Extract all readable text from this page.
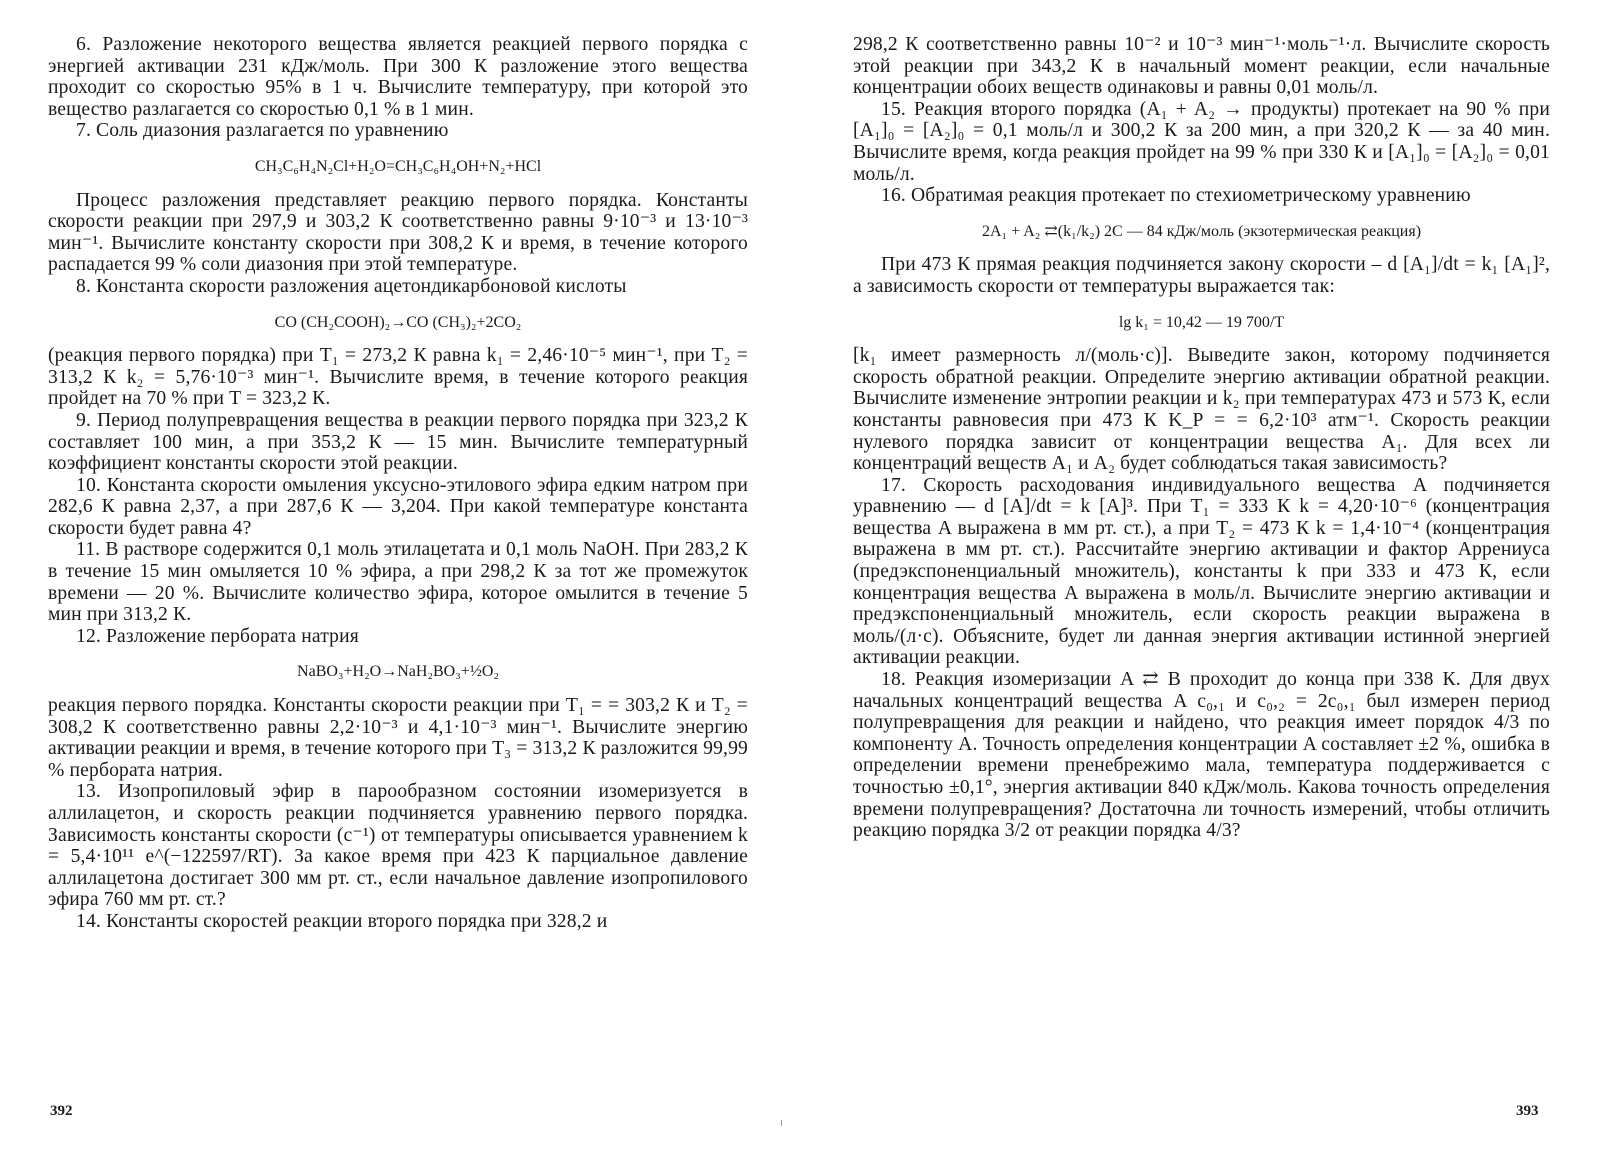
6. Разложение некоторого вещества является реакцией первого порядка с энергией активации 231 кДж/моль. При 300 К разложение этого вещества проходит со скоростью 95% в 1 ч. Вычислите температуру, при которой это вещество разлагается со скоростью 0,1 % в 1 мин.

7. Соль диазония разлагается по уравнению

CH₃C₆H₄N₂Cl+H₂O=CH₃C₆H₄OH+N₂+HCl

Процесс разложения представляет реакцию первого порядка. Константы скорости реакции при 297,9 и 303,2 К соответственно равны 9·10⁻³ и 13·10⁻³ мин⁻¹. Вычислите константу скорости при 308,2 К и время, в течение которого распадается 99 % соли диазония при этой температуре.

8. Константа скорости разложения ацетондикарбоновой кислоты

CO (CH₂COOH)₂→CO (CH₃)₂+2CO₂

(реакция первого порядка) при T₁ = 273,2 К равна k₁ = 2,46·10⁻⁵ мин⁻¹, при T₂ = 313,2 К k₂ = 5,76·10⁻³ мин⁻¹. Вычислите время, в течение которого реакция пройдет на 70 % при T = 323,2 К.

9. Период полупревращения вещества в реакции первого порядка при 323,2 К составляет 100 мин, а при 353,2 К — 15 мин. Вычислите температурный коэффициент константы скорости этой реакции.

10. Константа скорости омыления уксусно-этилового эфира едким натром при 282,6 К равна 2,37, а при 287,6 К — 3,204. При какой температуре константа скорости будет равна 4?

11. В растворе содержится 0,1 моль этилацетата и 0,1 моль NaOH. При 283,2 К в течение 15 мин омыляется 10 % эфира, а при 298,2 К за тот же промежуток времени — 20 %. Вычислите количество эфира, которое омылится в течение 5 мин при 313,2 К.

12. Разложение пербората натрия

NaBO₃+H₂O→NaH₂BO₃+½O₂

реакция первого порядка. Константы скорости реакции при T₁ = = 303,2 К и T₂ = 308,2 К соответственно равны 2,2·10⁻³ и 4,1·10⁻³ мин⁻¹. Вычислите энергию активации реакции и время, в течение которого при T₃ = 313,2 К разложится 99,99 % пербората натрия.

13. Изопропиловый эфир в парообразном состоянии изомеризуется в аллилацетон, и скорость реакции подчиняется уравнению первого порядка. Зависимость константы скорости (с⁻¹) от температуры описывается уравнением k = 5,4·10¹¹ e^(−122597/RT). За какое время при 423 К парциальное давление аллилацетона достигает 300 мм рт. ст., если начальное давление изопропилового эфира 760 мм рт. ст.?

14. Константы скоростей реакции второго порядка при 328,2 и

392

298,2 К соответственно равны 10⁻² и 10⁻³ мин⁻¹·моль⁻¹·л. Вычислите скорость этой реакции при 343,2 К в начальный момент реакции, если начальные концентрации обоих веществ одинаковы и равны 0,01 моль/л.

15. Реакция второго порядка (A₁ + A₂ → продукты) протекает на 90 % при [A₁]₀ = [A₂]₀ = 0,1 моль/л и 300,2 К за 200 мин, а при 320,2 К — за 40 мин. Вычислите время, когда реакция пройдет на 99 % при 330 К и [A₁]₀ = [A₂]₀ = 0,01 моль/л.

16. Обратимая реакция протекает по стехиометрическому уравнению

2A₁ + A₂ ⇄(k₁/k₂) 2C — 84 кДж/моль (экзотермическая реакция)

При 473 К прямая реакция подчиняется закону скорости – d [A₁]/dt = k₁ [A₁]², а зависимость скорости от температуры выражается так:

lg k₁ = 10,42 — 19 700/T

[k₁ имеет размерность л/(моль·с)]. Выведите закон, которому подчиняется скорость обратной реакции. Определите энергию активации обратной реакции. Вычислите изменение энтропии реакции и k₂ при температурах 473 и 573 К, если константы равновесия при 473 К K_P = = 6,2·10³ атм⁻¹. Скорость реакции нулевого порядка зависит от концентрации вещества A₁. Для всех ли концентраций веществ A₁ и A₂ будет соблюдаться такая зависимость?

17. Скорость расходования индивидуального вещества A подчиняется уравнению — d [A]/dt = k [A]³. При T₁ = 333 К k = 4,20·10⁻⁶ (концентрация вещества A выражена в мм рт. ст.), а при T₂ = 473 К k = 1,4·10⁻⁴ (концентрация выражена в мм рт. ст.). Рассчитайте энергию активации и фактор Аррениуса (предэкспоненциальный множитель), константы k при 333 и 473 К, если концентрация вещества A выражена в моль/л. Вычислите энергию активации и предэкспоненциальный множитель, если скорость реакции выражена в моль/(л·с). Объясните, будет ли данная энергия активации истинной энергией активации реакции.

18. Реакция изомеризации A ⇄ B проходит до конца при 338 К. Для двух начальных концентраций вещества A c₀,₁ и c₀,₂ = 2c₀,₁ был измерен период полупревращения для реакции и найдено, что реакция имеет порядок 4/3 по компоненту A. Точность определения концентрации A составляет ±2 %, ошибка в определении времени пренебрежимо мала, температура поддерживается с точностью ±0,1°, энергия активации 840 кДж/моль. Какова точность определения времени полупревращения? Достаточна ли точность измерений, чтобы отличить реакцию порядка 3/2 от реакции порядка 4/3?

393
